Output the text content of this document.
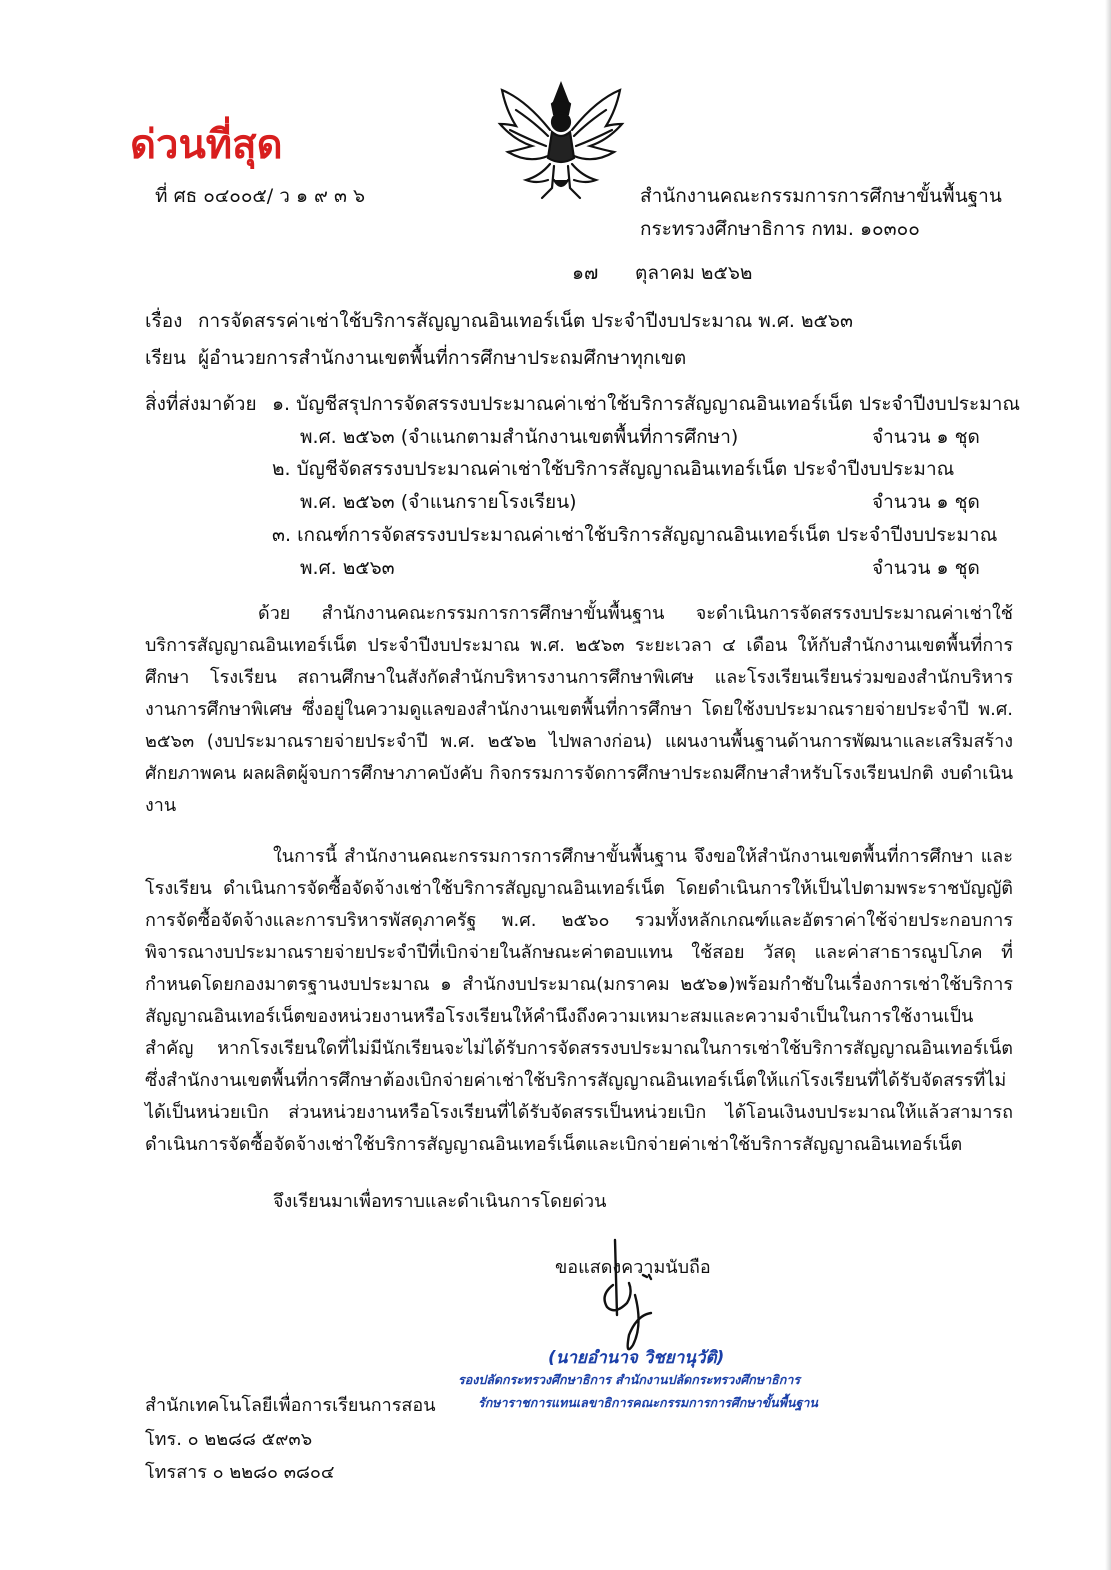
ด่วนที่สุด
ที่ ศธ ๐๔๐๐๕/ ว ๑ ๙ ๓ ๖	สำนักงานคณะกรรมการการศึกษาขั้นพื้นฐาน
กระทรวงศึกษาธิการ กทม. ๑๐๓๐๐
๑๗ ตุลาคม ๒๕๖๒
เรื่อง การจัดสรรค่าเช่าใช้บริการสัญญาณอินเทอร์เน็ต ประจำปีงบประมาณ พ.ศ. ๒๕๖๓
เรียน ผู้อำนวยการสำนักงานเขตพื้นที่การศึกษาประถมศึกษาทุกเขต
สิ่งที่ส่งมาด้วย ๑. บัญชีสรุปการจัดสรรงบประมาณค่าเช่าใช้บริการสัญญาณอินเทอร์เน็ต ประจำปีงบประมาณ
พ.ศ. ๒๕๖๓ (จำแนกตามสำนักงานเขตพื้นที่การศึกษา)	จำนวน ๑ ชุด
๒. บัญชีจัดสรรงบประมาณค่าเช่าใช้บริการสัญญาณอินเทอร์เน็ต ประจำปีงบประมาณ
พ.ศ. ๒๕๖๓ (จำแนกรายโรงเรียน)	จำนวน ๑ ชุด
๓. เกณฑ์การจัดสรรงบประมาณค่าเช่าใช้บริการสัญญาณอินเทอร์เน็ต ประจำปีงบประมาณ
พ.ศ. ๒๕๖๓	จำนวน ๑ ชุด
ด้วย สำนักงานคณะกรรมการการศึกษาขั้นพื้นฐาน จะดำเนินการจัดสรรงบประมาณค่าเช่าใช้บริการสัญญาณอินเทอร์เน็ต ประจำปีงบประมาณ พ.ศ. ๒๕๖๓ ระยะเวลา ๔ เดือน ให้กับสำนักงานเขตพื้นที่การศึกษา โรงเรียน สถานศึกษาในสังกัดสำนักบริหารงานการศึกษาพิเศษ และโรงเรียนเรียนร่วมของสำนักบริหารงานการศึกษาพิเศษ ซึ่งอยู่ในความดูแลของสำนักงานเขตพื้นที่การศึกษา โดยใช้งบประมาณรายจ่ายประจำปี พ.ศ. ๒๕๖๓ (งบประมาณรายจ่ายประจำปี พ.ศ. ๒๕๖๒ ไปพลางก่อน) แผนงานพื้นฐานด้านการพัฒนาและเสริมสร้างศักยภาพคน ผลผลิตผู้จบการศึกษาภาคบังคับ กิจกรรมการจัดการศึกษาประถมศึกษาสำหรับโรงเรียนปกติ งบดำเนินงาน
ในการนี้ สำนักงานคณะกรรมการการศึกษาขั้นพื้นฐาน จึงขอให้สำนักงานเขตพื้นที่การศึกษา และโรงเรียน ดำเนินการจัดซื้อจัดจ้างเช่าใช้บริการสัญญาณอินเทอร์เน็ต โดยดำเนินการให้เป็นไปตามพระราชบัญญัติการจัดซื้อจัดจ้างและการบริหารพัสดุภาครัฐ พ.ศ. ๒๕๖๐ รวมทั้งหลักเกณฑ์และอัตราค่าใช้จ่ายประกอบการพิจารณางบประมาณรายจ่ายประจำปีที่เบิกจ่ายในลักษณะค่าตอบแทน ใช้สอย วัสดุ และค่าสาธารณูปโภค ที่กำหนดโดยกองมาตรฐานงบประมาณ ๑ สำนักงบประมาณ(มกราคม ๒๕๖๑)พร้อมกำชับในเรื่องการเช่าใช้บริการสัญญาณอินเทอร์เน็ตของหน่วยงานหรือโรงเรียนให้คำนึงถึงความเหมาะสมและความจำเป็นในการใช้งานเป็นสำคัญ หากโรงเรียนใดที่ไม่มีนักเรียนจะไม่ได้รับการจัดสรรงบประมาณในการเช่าใช้บริการสัญญาณอินเทอร์เน็ต ซึ่งสำนักงานเขตพื้นที่การศึกษาต้องเบิกจ่ายค่าเช่าใช้บริการสัญญาณอินเทอร์เน็ตให้แก่โรงเรียนที่ได้รับจัดสรรที่ไม่ได้เป็นหน่วยเบิก ส่วนหน่วยงานหรือโรงเรียนที่ได้รับจัดสรรเป็นหน่วยเบิก ได้โอนเงินงบประมาณให้แล้วสามารถดำเนินการจัดซื้อจัดจ้างเช่าใช้บริการสัญญาณอินเทอร์เน็ตและเบิกจ่ายค่าเช่าใช้บริการสัญญาณอินเทอร์เน็ต
จึงเรียนมาเพื่อทราบและดำเนินการโดยด่วน
ขอแสดงความนับถือ
(นายอำนาจ วิชยานุวัติ)
รองปลัดกระทรวงศึกษาธิการ สำนักงานปลัดกระทรวงศึกษาธิการ
รักษาราชการแทนเลขาธิการคณะกรรมการการศึกษาขั้นพื้นฐาน
สำนักเทคโนโลยีเพื่อการเรียนการสอน
โทร. ๐ ๒๒๘๘ ๕๙๓๖
โทรสาร ๐ ๒๒๘๐ ๓๘๐๔
